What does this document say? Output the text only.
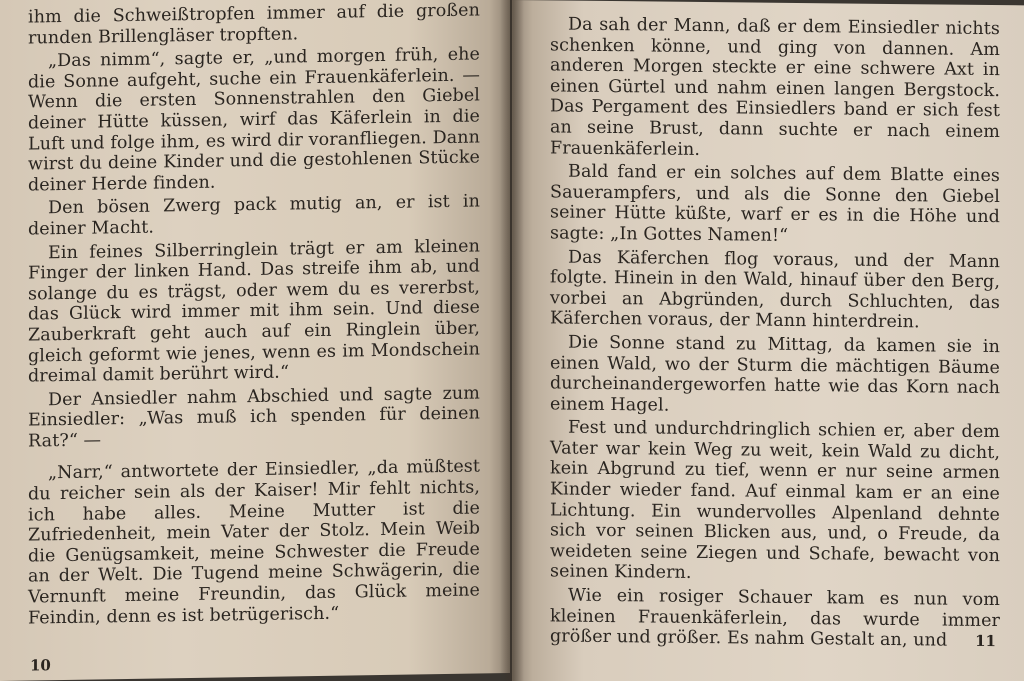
ihm die Schweißtropfen immer auf die großen runden Brillengläser tropften.

„Das nimm“, sagte er, „und morgen früh, ehe die Sonne aufgeht, suche ein Frauenkäferlein. — Wenn die ersten Sonnenstrahlen den Giebel deiner Hütte küssen, wirf das Käferlein in die Luft und folge ihm, es wird dir voranfliegen. Dann wirst du deine Kinder und die gestohlenen Stücke deiner Herde finden.

Den bösen Zwerg pack mutig an, er ist in deiner Macht.

Ein feines Silberringlein trägt er am kleinen Finger der linken Hand. Das streife ihm ab, und solange du es trägst, oder wem du es vererbst, das Glück wird immer mit ihm sein. Und diese Zauberkraft geht auch auf ein Ringlein über, gleich geformt wie jenes, wenn es im Mondschein dreimal damit berührt wird.“

Der Ansiedler nahm Abschied und sagte zum Einsiedler: „Was muß ich spenden für deinen Rat?“ —

„Narr,“ antwortete der Einsiedler, „da müßtest du reicher sein als der Kaiser! Mir fehlt nichts, ich habe alles. Meine Mutter ist die Zufriedenheit, mein Vater der Stolz. Mein Weib die Genügsamkeit, meine Schwester die Freude an der Welt. Die Tugend meine Schwägerin, die Vernunft meine Freundin, das Glück meine Feindin, denn es ist betrügerisch.“

10

Da sah der Mann, daß er dem Einsiedler nichts schenken könne, und ging von dannen. Am anderen Morgen steckte er eine schwere Axt in einen Gürtel und nahm einen langen Bergstock. Das Pergament des Einsiedlers band er sich fest an seine Brust, dann suchte er nach einem Frauenkäferlein.

Bald fand er ein solches auf dem Blatte eines Sauerampfers, und als die Sonne den Giebel seiner Hütte küßte, warf er es in die Höhe und sagte: „In Gottes Namen!“

Das Käferchen flog voraus, und der Mann folgte. Hinein in den Wald, hinauf über den Berg, vorbei an Abgründen, durch Schluchten, das Käferchen voraus, der Mann hinterdrein.

Die Sonne stand zu Mittag, da kamen sie in einen Wald, wo der Sturm die mächtigen Bäume durcheinandergeworfen hatte wie das Korn nach einem Hagel.

Fest und undurchdringlich schien er, aber dem Vater war kein Weg zu weit, kein Wald zu dicht, kein Abgrund zu tief, wenn er nur seine armen Kinder wieder fand. Auf einmal kam er an eine Lichtung. Ein wundervolles Alpenland dehnte sich vor seinen Blicken aus, und, o Freude, da weideten seine Ziegen und Schafe, bewacht von seinen Kindern.

Wie ein rosiger Schauer kam es nun vom kleinen Frauenkäferlein, das wurde immer größer und größer. Es nahm Gestalt an, und	11
